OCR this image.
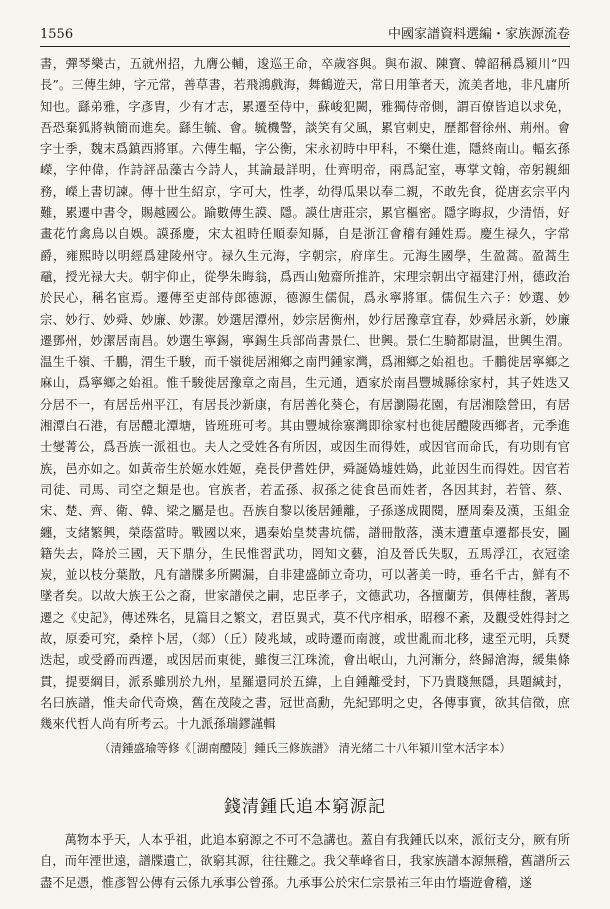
1556	中國家譜資料選編・家族源流卷

書，彈琴樂古，五就州招，九膺公輔，逡巡王命，卒歲容與。與布淑、陳寶、韓韶稱爲潁川“四長”。三傳生紳，字元常，善草書，若飛鴻戲海，舞鶴遊天，常日用筆者天，流美者地，非凡庸所知也。繇弟雅，字彥胄，少有才志，累遷至侍中，蘇峻犯闕，雅獨侍帝側，謂百僚皆追以求免，吾恐棄狐將執簡而進矣。繇生毓、會。毓機警，談笑有父風，累官刺史，歷都督徐州、荊州。會字士季，魏末爲鎮西將軍。六傳生輻，字公衡，宋永初時中甲科，不樂仕進，隱終南山。輻玄孫嶸，字仲偉，作詩評品藻古今詩人，其論最詳明，仕齊明帝，兩爲記室，專掌文翰，帝躬親細務，嶸上書切諫。傳十世生紹京，字可大，性孝，幼得瓜果以奉二親，不敢先食，從唐玄宗平内難，累遷中書令，賜越國公。踰數傳生謨、隱。謨仕唐莊宗，累官樞密。隱字晦叔，少清悟，好畫花竹禽鳥以自娛。謨孫慶，宋太祖時任順泰知縣，自是浙江會稽有鍾姓焉。慶生禄久，字常爵，雍熙時以明經爲建陵州守。禄久生元海，字朝宗，府庠生。元海生國學，生盈蒿。盈蒿生黿，授光禄大夫。朝宇仰止，從學朱晦翁，爲西山勉齋所推許，宋理宗朝出守福建汀州，德政治於民心，稱名宦焉。遷傳至吏部侍郎德源，德源生儒侃，爲永寧將軍。儒侃生六子：妙選、妙宗、妙行、妙舜、妙廉、妙潔。妙選居潭州，妙宗居衡州，妙行居豫章宜春，妙舜居永新，妙廉遷鄧州，妙潔居南昌。妙選生寧錫，寧錫生兵部尚書景仁、世興。景仁生騎都尉温，世興生渭。温生千嶺、千鵬，渭生千駿，而千嶺徙居湘鄉之南門鍾家灣，爲湘鄉之始祖也。千鵬徙居寧鄉之麻山，爲寧鄉之始祖。惟千駿徙居豫章之南昌，生元通，迺家於南昌豐城縣徐家村，其子姓迭又分居不一，有居岳州平江，有居長沙新康，有居善化葵仑，有居瀏陽花園，有居湘陰營田，有居湘潭白石港，有居醴北潭塘，皆班班可考。其由豐城徐寨灣即徐家村也徙居醴陵西鄉者，元季進士燮菁公，爲吾族一派祖也。夫人之受姓各有所因，或因生而得姓，或因官而命氏，有功則有官族，邑亦如之。如黃帝生於姬水姓姬，堯長伊耆姓伊，舜誕媯墟姓媯，此並因生而得姓。因官若司徒、司馬、司空之類是也。官族者，若孟孫、叔孫之徒食邑而姓者，各因其封，若管、蔡、宋、楚、齊、衛、韓、梁之屬是也。吾族自黎以後居鍾離，子孫遂成閥閱，歷周秦及漢，玉組金纏，支緒繁興，榮蔭當時。戰國以來，遇秦始皇焚書坑儒，譜冊散落，漢末遭董卓遷都長安，圖籍失去，降於三國，天下鼎分，生民惟習武功，罔知文藝，洎及晉氏失馭，五馬浮江，衣冠塗炭，並以枝分葉散，凡有譜牒多所闕漏，自非建盛師立奇功，可以著美一時，垂名千古，鮮有不墜者矣。以故大族王公之裔，世家譜侯之嗣，忠臣孝子，文德武功，各擅蘭芳，俱傳桂馥，著馬遷之《史記》，傳述殊名，見篇目之繁文，君臣異式，莫不代序相承，昭穆不紊，及觀受姓得封之故，原委可究，桑梓卜居，（郯）（丘）陵兆域，或時遷而南渡，或世亂而北移，逮至元明，兵燹迭起，或受爵而西遷，或因居而東徙，雖復三江珠流，會出岷山，九河漸分，終歸滄海，緩集條貫，提要綱目，派系雖別於九州，星羅還同於五緯，上自鍾離受封，下乃貴賤無隱，具題緘封，名曰族譜，惟夫命代奇煥，舊在茂陵之書，冠世高勳，先紀郢明之史，各傳事實，欲其信徵，庶幾來代哲人尚有所考云。十九派孫瑞鏐謹輯

（清鍾盛瑜等修《［湖南醴陵］鍾氏三修族譜》 清光緒二十八年潁川堂木活字本）
錢清鍾氏追本窮源記

萬物本乎天，人本乎祖，此追本窮源之不可不急講也。蓋自有我鍾氏以來，派衍支分，厥有所自，而年湮世遠，譜牒遺亡，欲窮其源，往往難之。我父華峰省日，我家族譜本源無稽，舊譜所云盡不足憑，惟彥智公傳有云係九承事公曾孫。九承事公於宋仁宗景祐三年由竹墻遊會稽，遂
